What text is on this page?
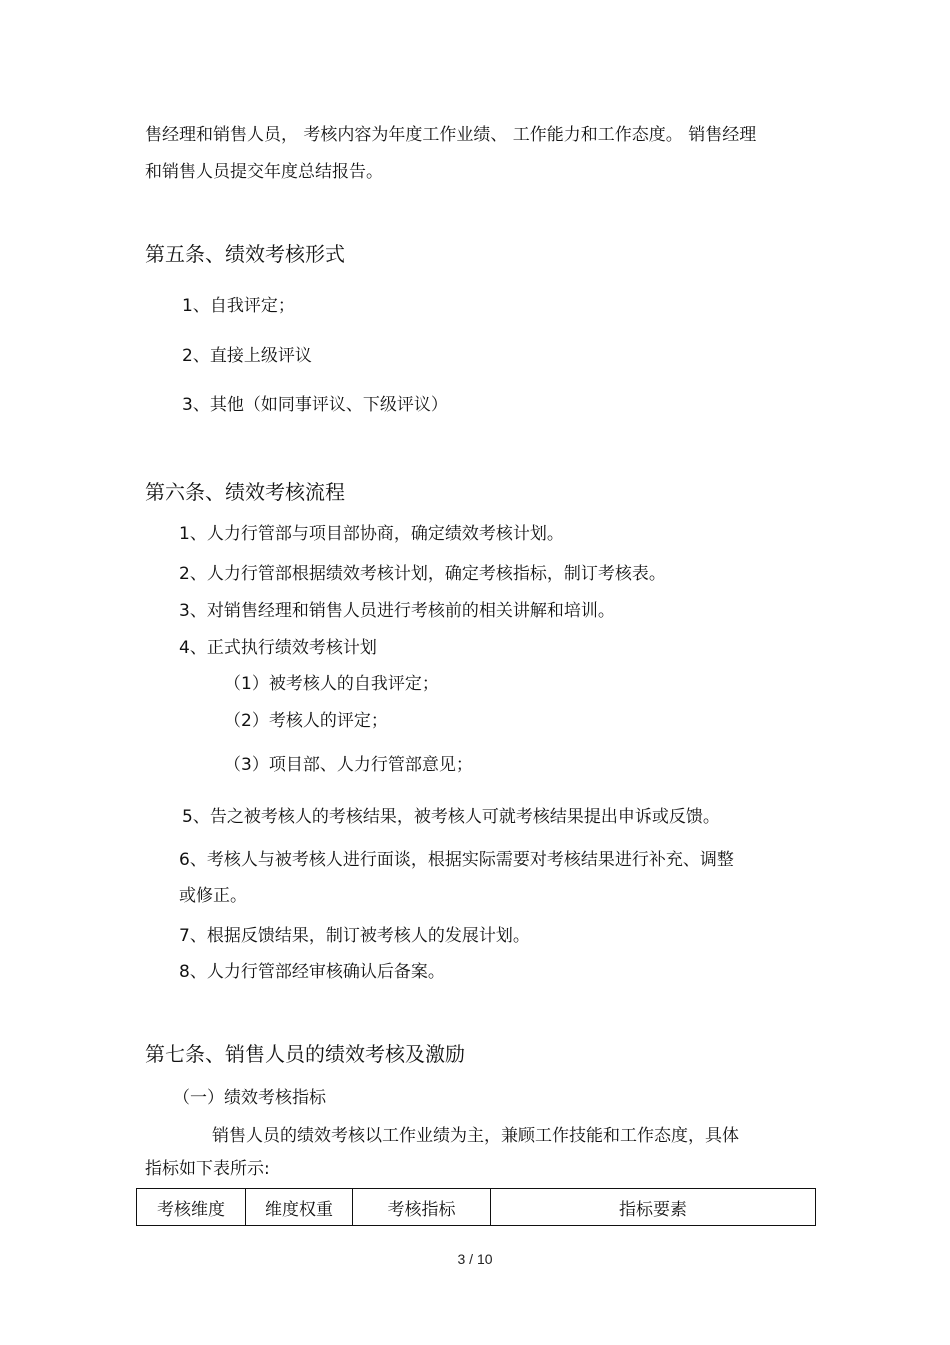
售经理和销售人员， 考核内容为年度工作业绩、 工作能力和工作态度。 销售经理
和销售人员提交年度总结报告。
第五条、绩效考核形式
1、自我评定；
2、直接上级评议
3、其他（如同事评议、下级评议）
第六条、绩效考核流程
1、人力行管部与项目部协商，确定绩效考核计划。
2、人力行管部根据绩效考核计划，确定考核指标，制订考核表。
3、对销售经理和销售人员进行考核前的相关讲解和培训。
4、正式执行绩效考核计划
（1）被考核人的自我评定；
（2）考核人的评定；
（3）项目部、人力行管部意见；
5、告之被考核人的考核结果，被考核人可就考核结果提出申诉或反馈。
6、考核人与被考核人进行面谈，根据实际需要对考核结果进行补充、调整
或修正。
7、根据反馈结果，制订被考核人的发展计划。
8、人力行管部经审核确认后备案。
第七条、销售人员的绩效考核及激励
（一）绩效考核指标
销售人员的绩效考核以工作业绩为主，兼顾工作技能和工作态度，具体
指标如下表所示:
考核维度	维度权重	考核指标	指标要素
3 / 10
